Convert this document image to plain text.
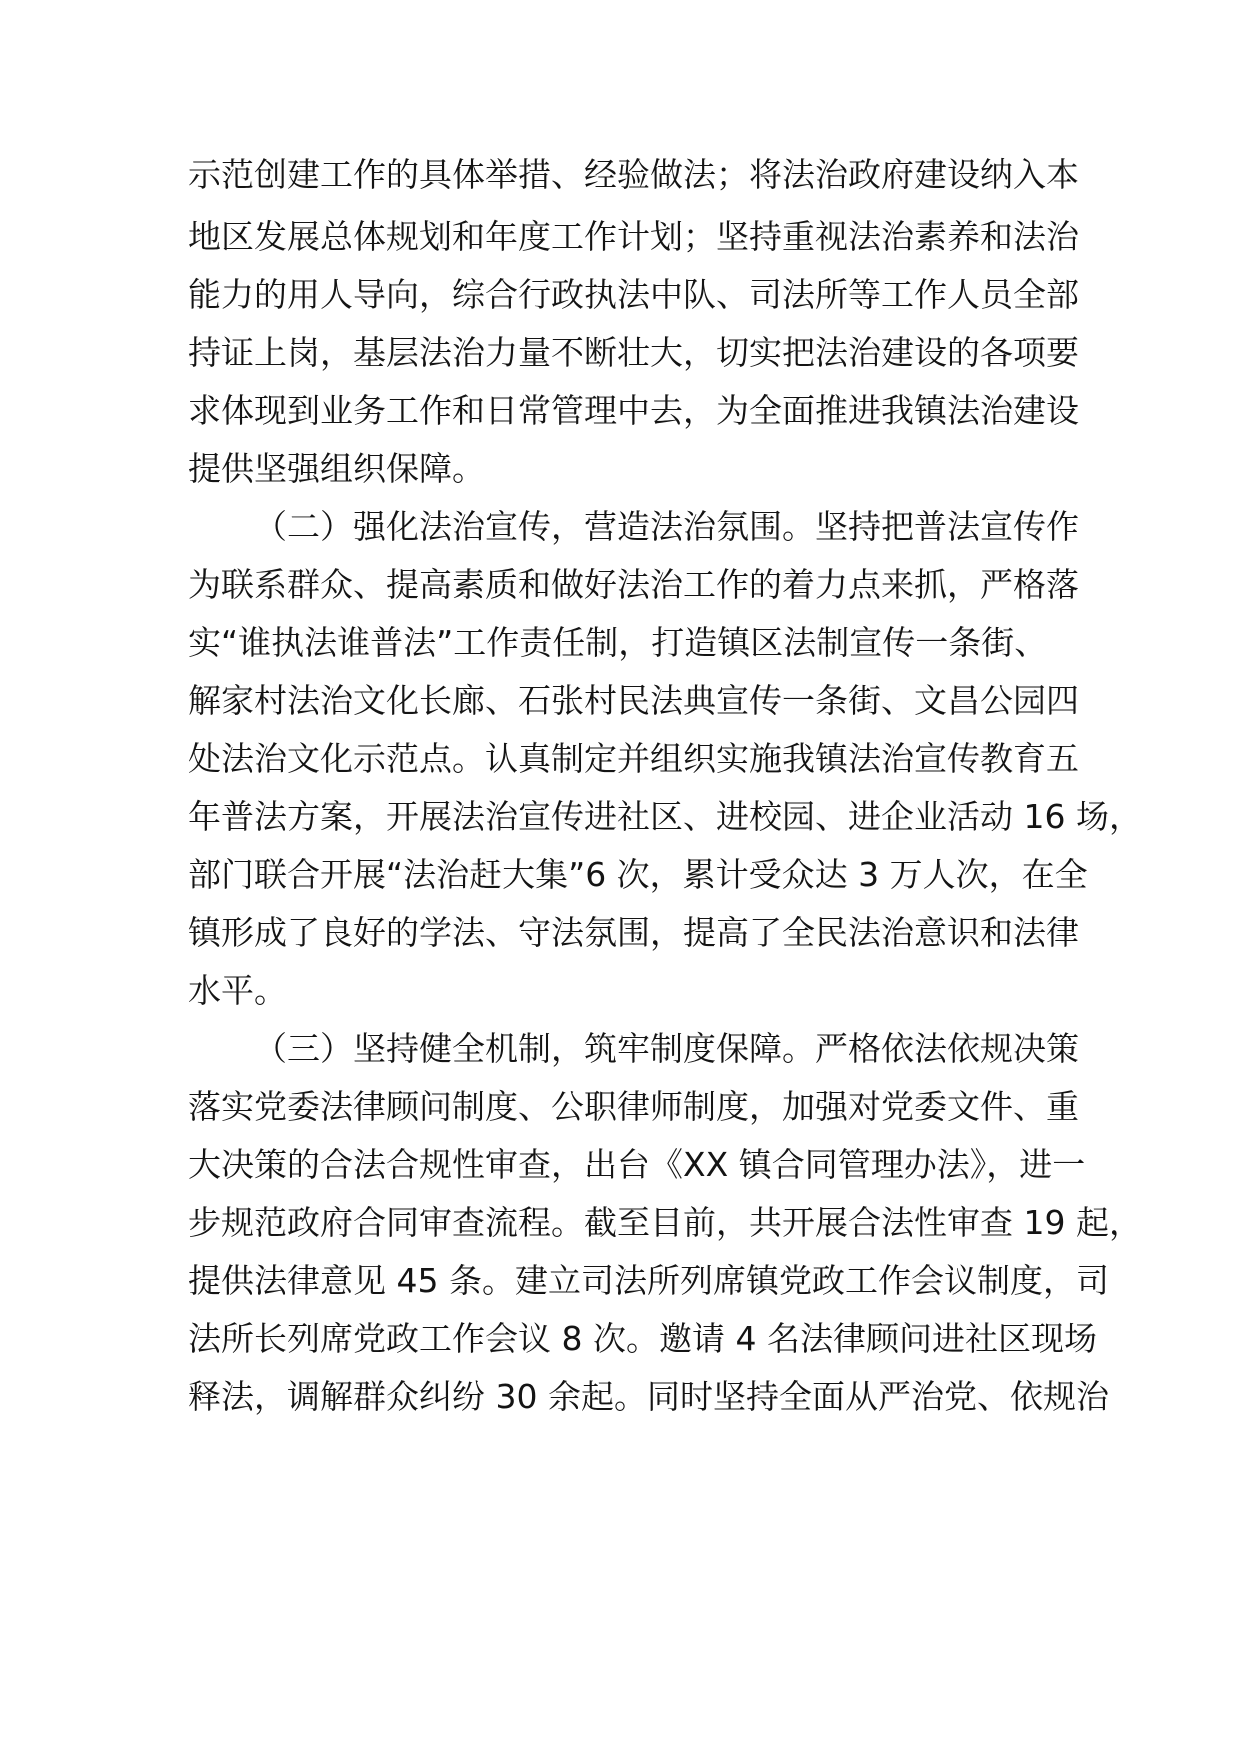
示范创建工作的具体举措、经验做法；将法治政府建设纳入本
地区发展总体规划和年度工作计划；坚持重视法治素养和法治
能力的用人导向，综合行政执法中队、司法所等工作人员全部
持证上岗，基层法治力量不断壮大，切实把法治建设的各项要
求体现到业务工作和日常管理中去，为全面推进我镇法治建设
提供坚强组织保障。
（二）强化法治宣传，营造法治氛围。坚持把普法宣传作
为联系群众、提高素质和做好法治工作的着力点来抓，严格落
实“谁执法谁普法”工作责任制，打造镇区法制宣传一条街、
解家村法治文化长廊、石张村民法典宣传一条街、文昌公园四
处法治文化示范点。认真制定并组织实施我镇法治宣传教育五
年普法方案，开展法治宣传进社区、进校园、进企业活动 16 场，
部门联合开展“法治赶大集”6 次，累计受众达 3 万人次，在全
镇形成了良好的学法、守法氛围，提高了全民法治意识和法律
水平。
（三）坚持健全机制，筑牢制度保障。严格依法依规决策
落实党委法律顾问制度、公职律师制度，加强对党委文件、重
大决策的合法合规性审查，出台《XX 镇合同管理办法》，进一
步规范政府合同审查流程。截至目前，共开展合法性审查 19 起，
提供法律意见 45 条。建立司法所列席镇党政工作会议制度，司
法所长列席党政工作会议 8 次。邀请 4 名法律顾问进社区现场
释法，调解群众纠纷 30 余起。同时坚持全面从严治党、依规治
